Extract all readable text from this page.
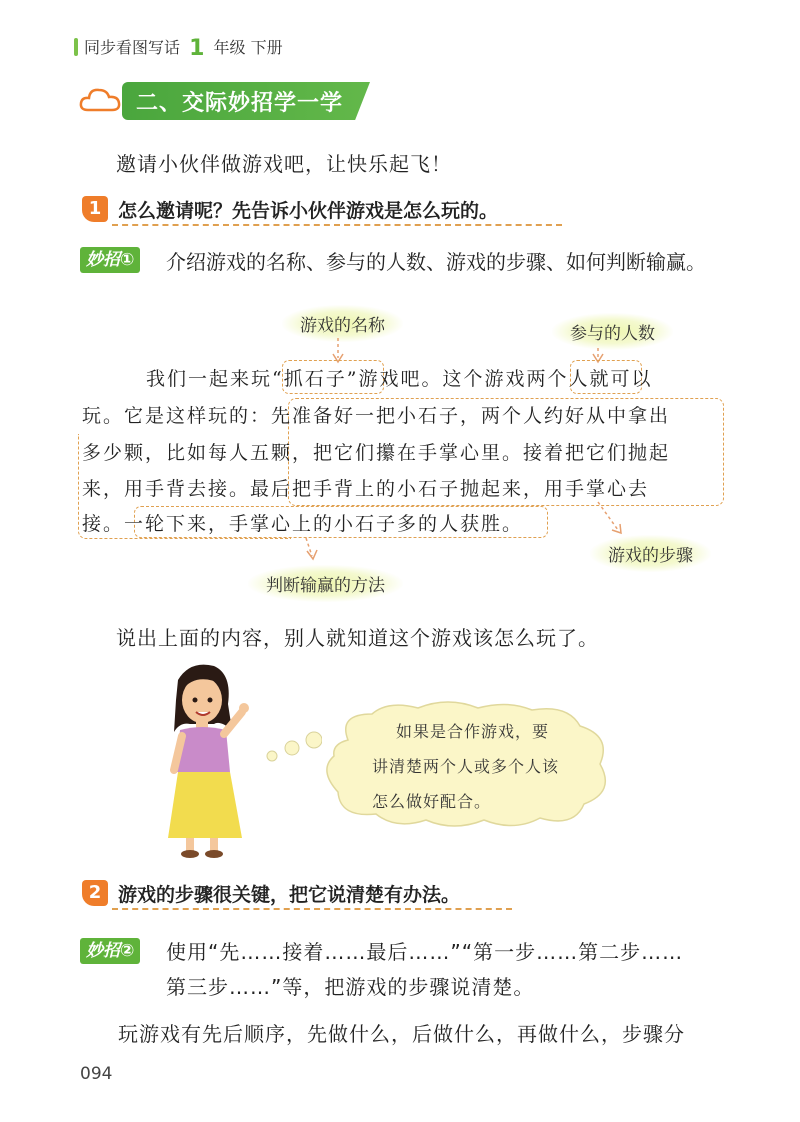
同步看图写话 1 年级 下册
二、交际妙招学一学
邀请小伙伴做游戏吧，让快乐起飞！
1 怎么邀请呢？先告诉小伙伴游戏是怎么玩的。
妙招①	介绍游戏的名称、参与的人数、游戏的步骤、如何判断输赢。
游戏的名称	参与的人数
游戏的步骤
判断输赢的方法
我们一起来玩“抓石子”游戏吧。这个游戏两个人就可以
玩。它是这样玩的：先准备好一把小石子，两个人约好从中拿出
多少颗，比如每人五颗，把它们攥在手掌心里。接着把它们抛起
来，用手背去接。最后把手背上的小石子抛起来，用手掌心去
接。一轮下来，手掌心上的小石子多的人获胜。
说出上面的内容，别人就知道这个游戏该怎么玩了。
如果是合作游戏，要
讲清楚两个人或多个人该
怎么做好配合。
2 游戏的步骤很关键，把它说清楚有办法。
妙招②	使用“先……接着……最后……”“第一步……第二步……
第三步……”等，把游戏的步骤说清楚。
玩游戏有先后顺序，先做什么，后做什么，再做什么，步骤分
094
